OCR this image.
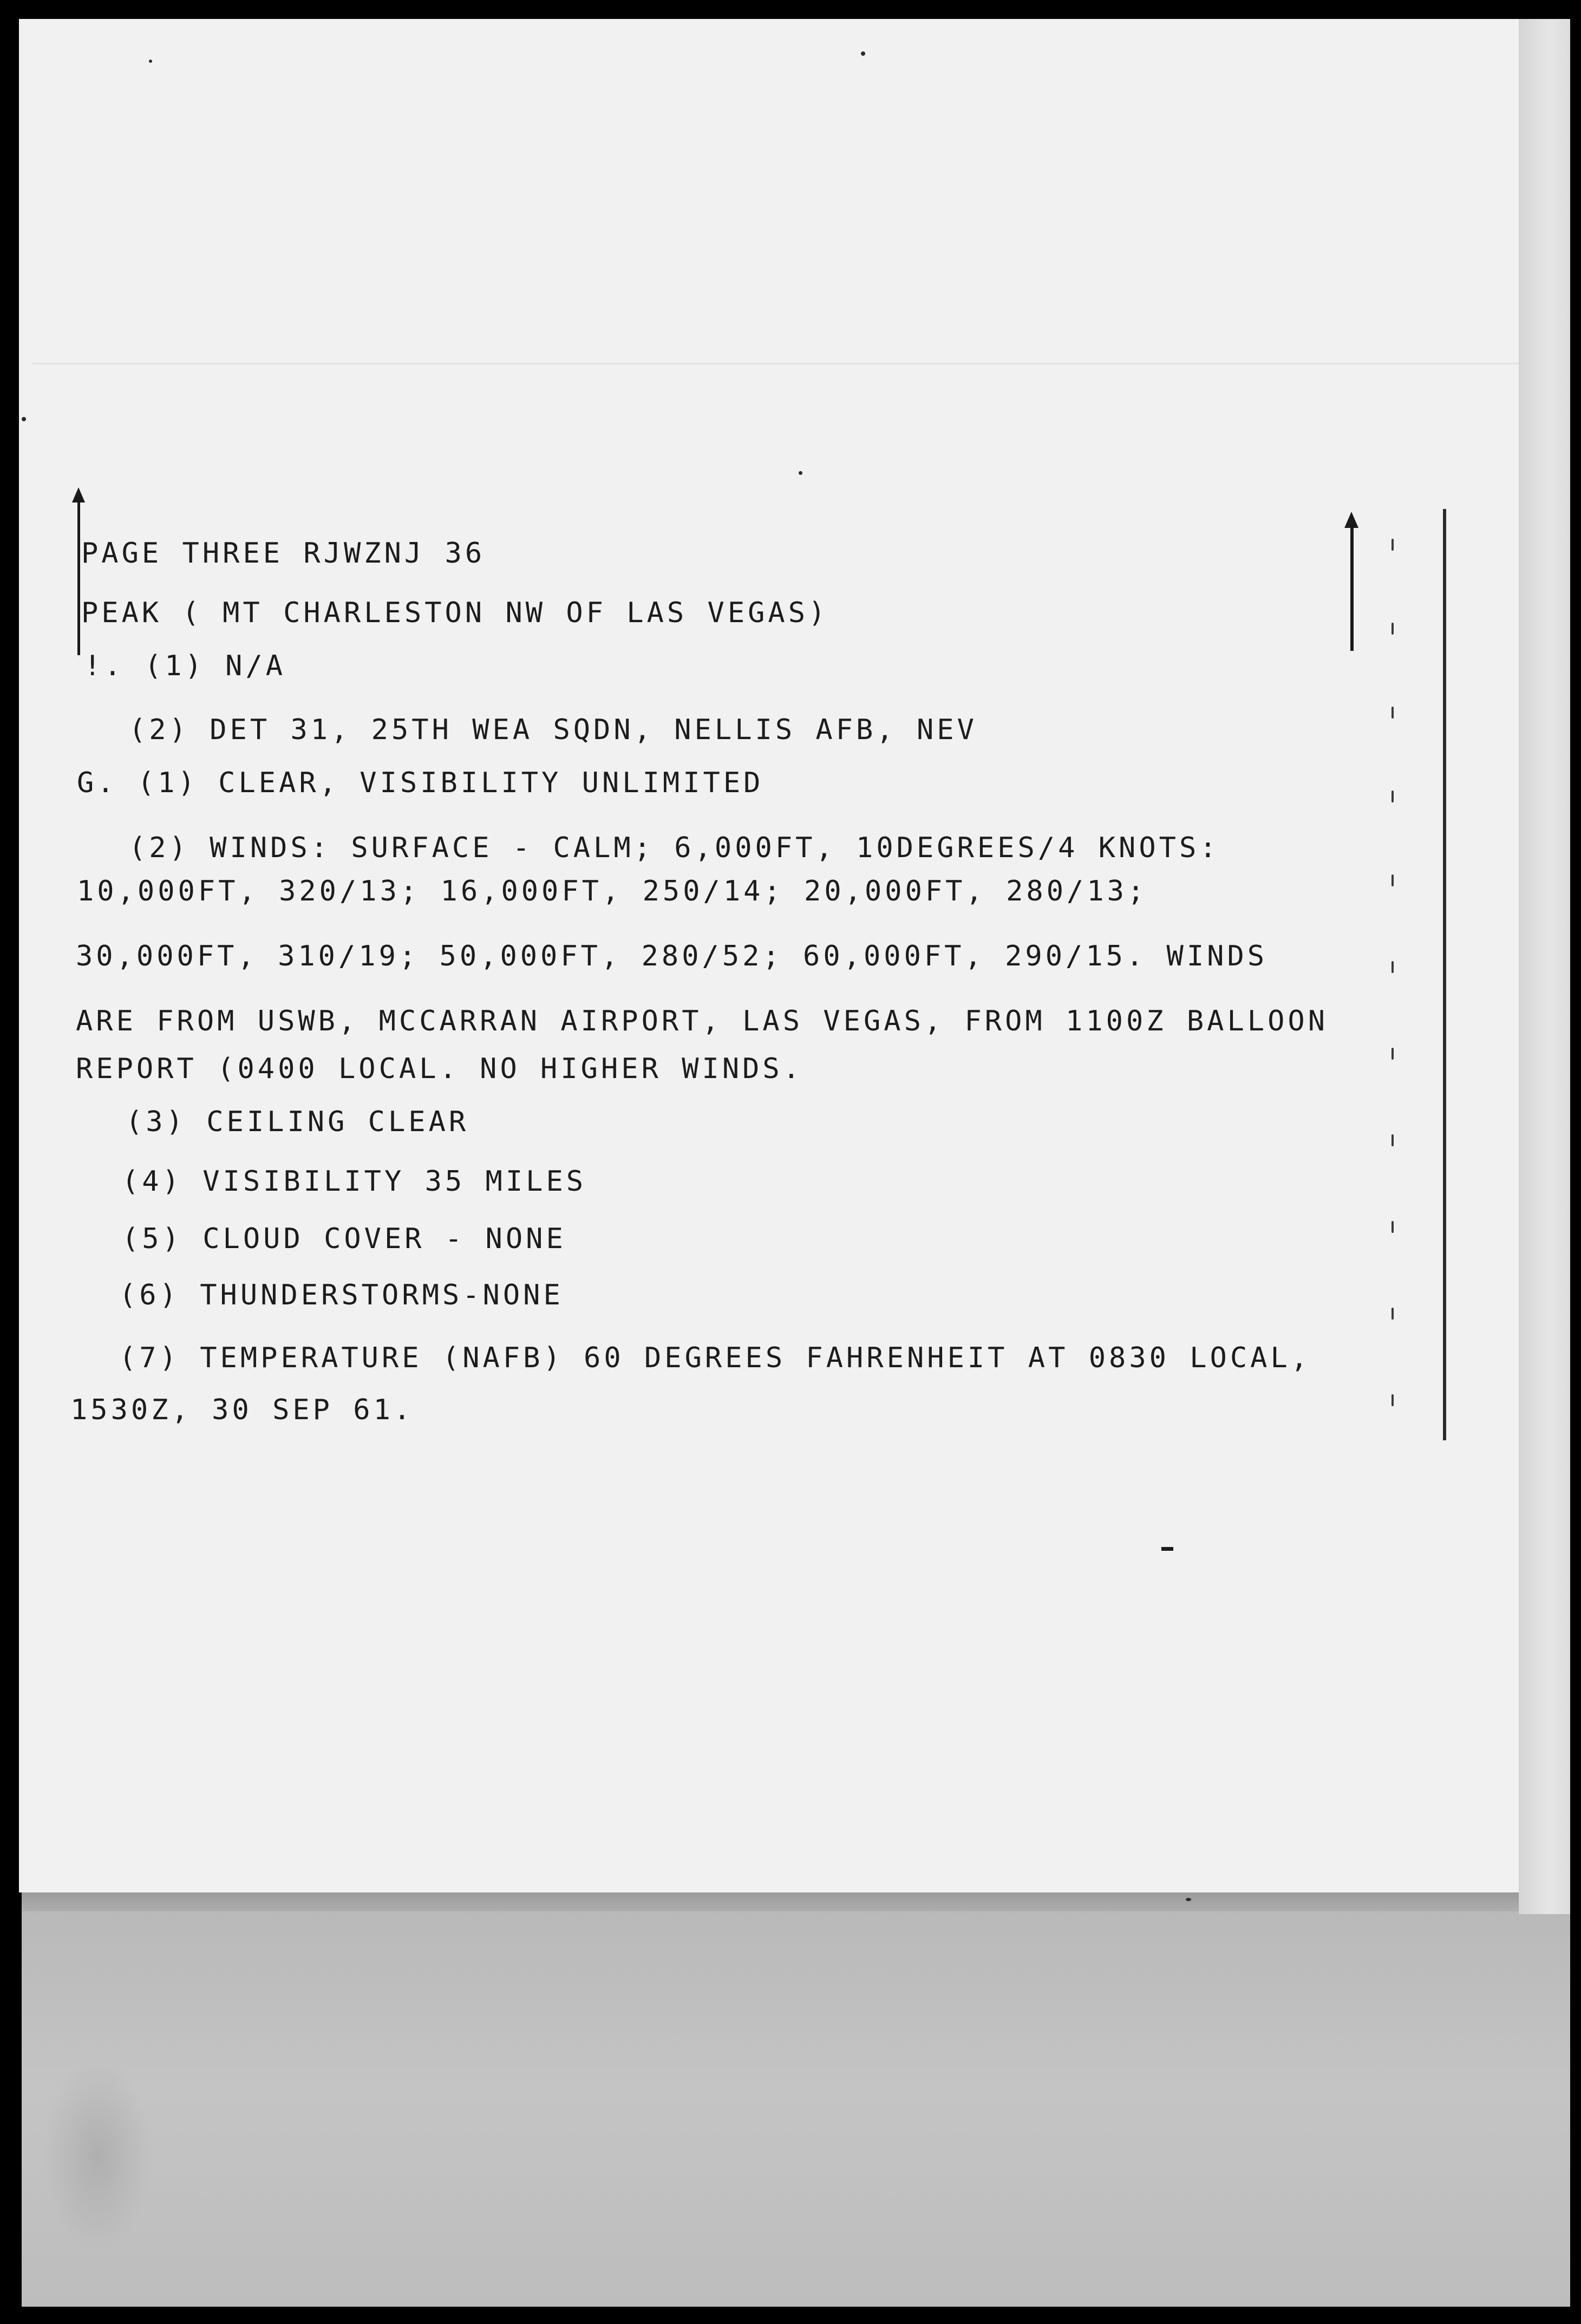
PAGE THREE RJWZNJ 36
PEAK ( MT CHARLESTON NW OF LAS VEGAS)
!. (1) N/A
(2) DET 31, 25TH WEA SQDN, NELLIS AFB, NEV
G. (1) CLEAR, VISIBILITY UNLIMITED
(2) WINDS: SURFACE - CALM; 6,000FT, 10DEGREES/4 KNOTS:
10,000FT, 320/13; 16,000FT, 250/14; 20,000FT, 280/13;
30,000FT, 310/19; 50,000FT, 280/52; 60,000FT, 290/15. WINDS
ARE FROM USWB, MCCARRAN AIRPORT, LAS VEGAS, FROM 1100Z BALLOON
REPORT (0400 LOCAL. NO HIGHER WINDS.
(3) CEILING CLEAR
(4) VISIBILITY 35 MILES
(5) CLOUD COVER - NONE
(6) THUNDERSTORMS-NONE
(7) TEMPERATURE (NAFB) 60 DEGREES FAHRENHEIT AT 0830 LOCAL,
1530Z, 30 SEP 61.
